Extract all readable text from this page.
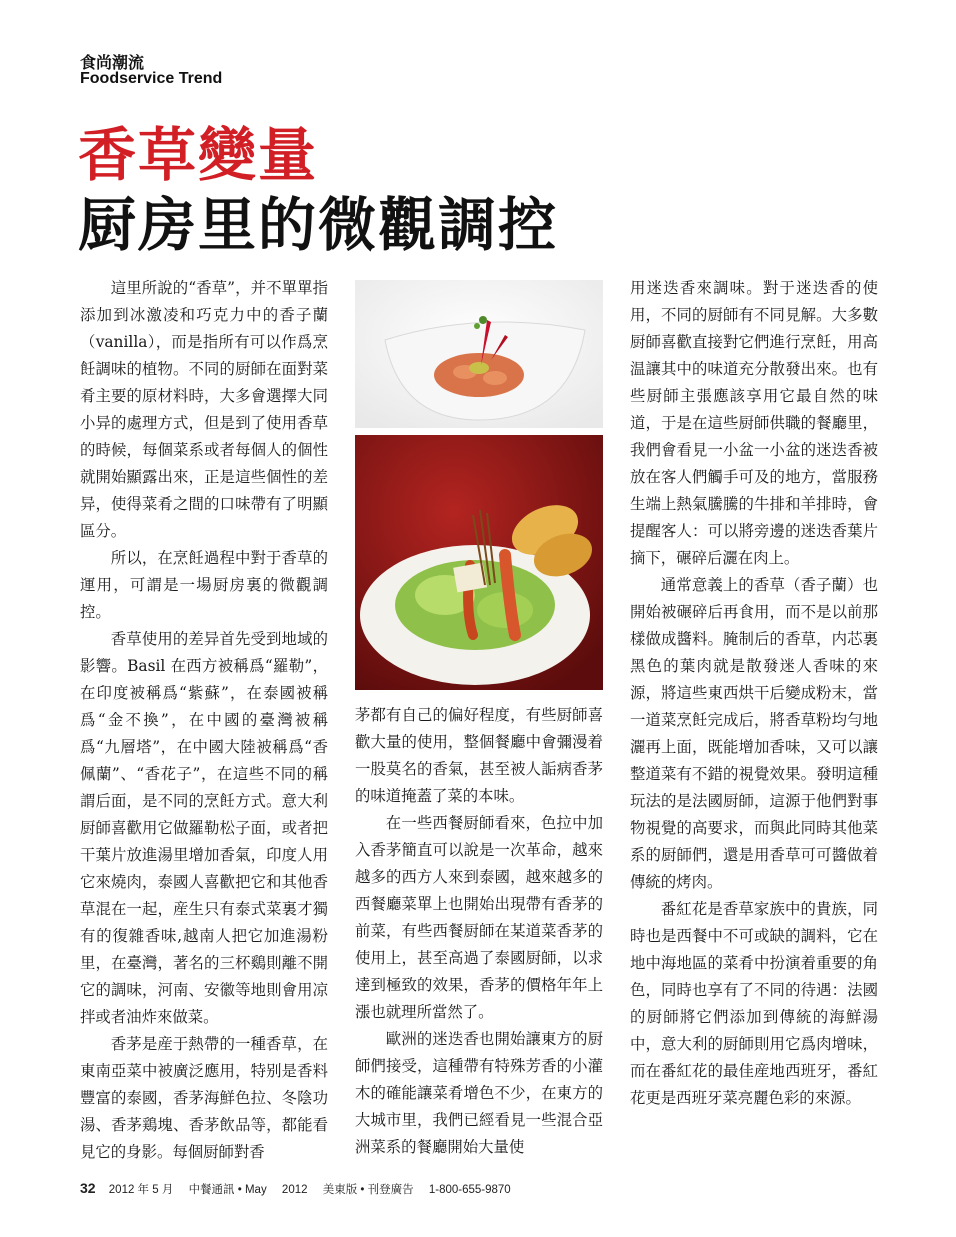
食尚潮流
Foodservice Trend
香草變量
厨房里的微觀調控

這里所說的“香草”，并不單單指添加到冰激凌和巧克力中的香子蘭（vanilla），而是指所有可以作爲烹飪調味的植物。不同的厨師在面對菜肴主要的原材料時，大多會選擇大同小异的處理方式，但是到了使用香草的時候，每個菜系或者每個人的個性就開始顯露出來，正是這些個性的差异，使得菜肴之間的口味帶有了明顯區分。

所以，在烹飪過程中對于香草的運用，可謂是一場厨房裏的微觀調控。

香草使用的差异首先受到地域的影響。Basil 在西方被稱爲“羅勒”，在印度被稱爲“紫蘇”，在泰國被稱爲“金不換”，在中國的臺灣被稱爲“九層塔”，在中國大陸被稱爲“香佩蘭”、“香花子”，在這些不同的稱謂后面，是不同的烹飪方式。意大利厨師喜歡用它做羅勒松子面，或者把干葉片放進湯里增加香氣，印度人用它來燒肉，泰國人喜歡把它和其他香草混在一起，産生只有泰式菜裏才獨有的復雜香味,越南人把它加進湯粉里，在臺灣，著名的三杯鷄則離不開它的調味，河南、安徽等地則會用凉拌或者油炸來做菜。

香茅是産于熱帶的一種香草，在東南亞菜中被廣泛應用，特别是香料豐富的泰國，香茅海鮮色拉、冬陰功湯、香茅鶏塊、香茅飲品等，都能看見它的身影。每個厨師對香

茅都有自己的偏好程度，有些厨師喜歡大量的使用，整個餐廳中會彌漫着一股莫名的香氣，甚至被人詬病香茅的味道掩蓋了菜的本味。

在一些西餐厨師看來，色拉中加入香茅簡直可以說是一次革命，越來越多的西方人來到泰國，越來越多的西餐廳菜單上也開始出現帶有香茅的前菜，有些西餐厨師在某道菜香茅的使用上，甚至高過了泰國厨師，以求達到極致的效果，香茅的價格年年上漲也就理所當然了。

歐洲的迷迭香也開始讓東方的厨師們接受，這種帶有特殊芳香的小灌木的確能讓菜肴增色不少，在東方的大城市里，我們已經看見一些混合亞洲菜系的餐廳開始大量使

用迷迭香來調味。對于迷迭香的使用，不同的厨師有不同見解。大多數厨師喜歡直接對它們進行烹飪，用高温讓其中的味道充分散發出來。也有些厨師主張應該享用它最自然的味道，于是在這些厨師供職的餐廳里，我們會看見一小盆一小盆的迷迭香被放在客人們觸手可及的地方，當服務生端上熱氣騰騰的牛排和羊排時，會提醒客人：可以將旁邊的迷迭香葉片摘下，碾碎后灑在肉上。

通常意義上的香草（香子蘭）也開始被碾碎后再食用，而不是以前那樣做成醬料。腌制后的香草，内芯裏黑色的葉肉就是散發迷人香味的來源，將這些東西烘干后變成粉末，當一道菜烹飪完成后，將香草粉均勻地灑再上面，既能增加香味，又可以讓整道菜有不錯的視覺效果。發明這種玩法的是法國厨師，這源于他們對事物視覺的高要求，而與此同時其他菜系的厨師們，還是用香草可可醬做着傳統的烤肉。

番紅花是香草家族中的貴族，同時也是西餐中不可或缺的調料，它在地中海地區的菜肴中扮演着重要的角色，同時也享有了不同的待遇：法國的厨師將它們添加到傳統的海鮮湯中，意大利的厨師則用它爲肉增味，而在番紅花的最佳産地西班牙，番紅花更是西班牙菜亮麗色彩的來源。

32 2012 年 5 月 中餐通訊 • May 2012 美東版 • 刊登廣告 1-800-655-9870
